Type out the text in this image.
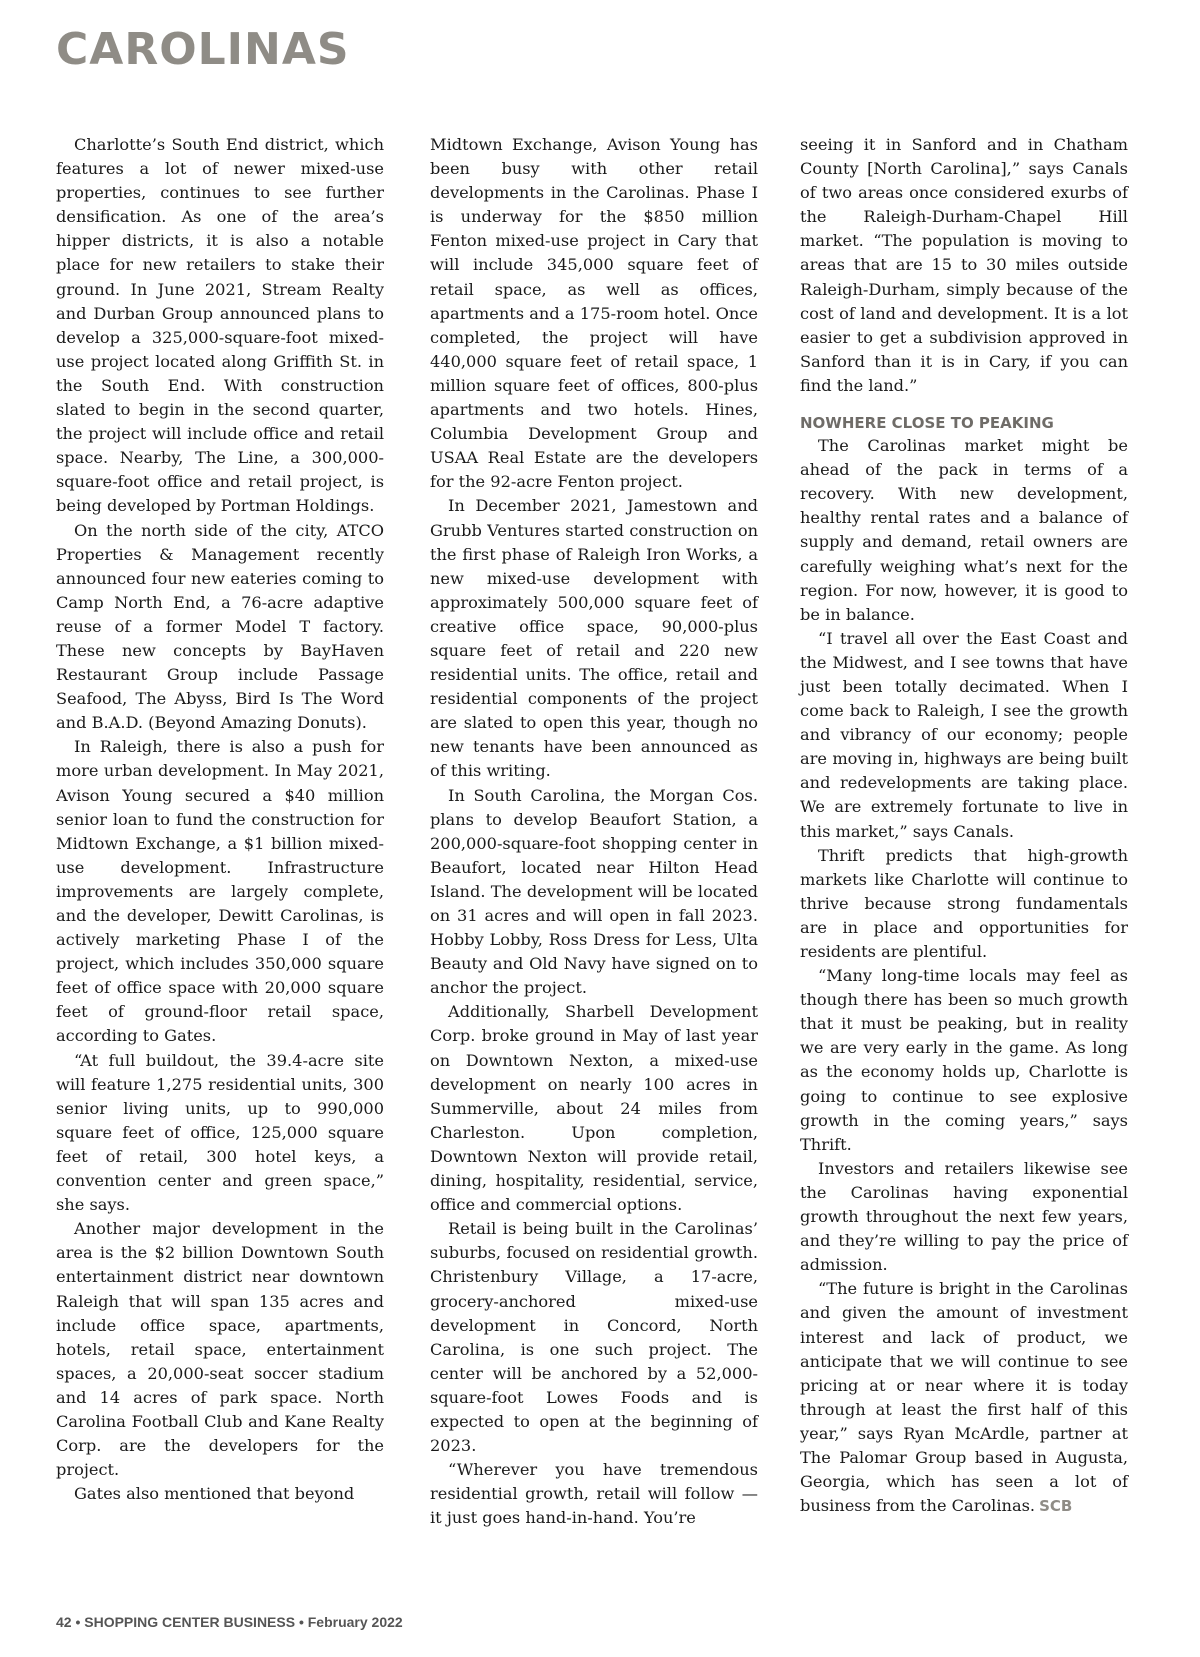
CAROLINAS

Charlotte’s South End district, which features a lot of newer mixed-use properties, continues to see further densification. As one of the area’s hipper districts, it is also a notable place for new retailers to stake their ground. In June 2021, Stream Realty and Durban Group announced plans to develop a 325,000-square-foot mixed-use project located along Griffith St. in the South End. With construction slated to begin in the second quarter, the project will include office and retail space. Nearby, The Line, a 300,000-square-foot office and retail project, is being developed by Portman Holdings.

On the north side of the city, ATCO Properties & Management recently announced four new eateries coming to Camp North End, a 76-acre adaptive reuse of a former Model T factory. These new concepts by BayHaven Restaurant Group include Passage Seafood, The Abyss, Bird Is The Word and B.A.D. (Beyond Amazing Donuts).

In Raleigh, there is also a push for more urban development. In May 2021, Avison Young secured a $40 million senior loan to fund the construction for Midtown Exchange, a $1 billion mixed-use development. Infrastructure improvements are largely complete, and the developer, Dewitt Carolinas, is actively marketing Phase I of the project, which includes 350,000 square feet of office space with 20,000 square feet of ground-floor retail space, according to Gates.

“At full buildout, the 39.4-acre site will feature 1,275 residential units, 300 senior living units, up to 990,000 square feet of office, 125,000 square feet of retail, 300 hotel keys, a convention center and green space,” she says.

Another major development in the area is the $2 billion Downtown South entertainment district near downtown Raleigh that will span 135 acres and include office space, apartments, hotels, retail space, entertainment spaces, a 20,000-seat soccer stadium and 14 acres of park space. North Carolina Football Club and Kane Realty Corp. are the developers for the project.

Gates also mentioned that beyond

Midtown Exchange, Avison Young has been busy with other retail developments in the Carolinas. Phase I is underway for the $850 million Fenton mixed-use project in Cary that will include 345,000 square feet of retail space, as well as offices, apartments and a 175-room hotel. Once completed, the project will have 440,000 square feet of retail space, 1 million square feet of offices, 800-plus apartments and two hotels. Hines, Columbia Development Group and USAA Real Estate are the developers for the 92-acre Fenton project.

In December 2021, Jamestown and Grubb Ventures started construction on the first phase of Raleigh Iron Works, a new mixed-use development with approximately 500,000 square feet of creative office space, 90,000-plus square feet of retail and 220 new residential units. The office, retail and residential components of the project are slated to open this year, though no new tenants have been announced as of this writing.

In South Carolina, the Morgan Cos. plans to develop Beaufort Station, a 200,000-square-foot shopping center in Beaufort, located near Hilton Head Island. The development will be located on 31 acres and will open in fall 2023. Hobby Lobby, Ross Dress for Less, Ulta Beauty and Old Navy have signed on to anchor the project.

Additionally, Sharbell Development Corp. broke ground in May of last year on Downtown Nexton, a mixed-use development on nearly 100 acres in Summerville, about 24 miles from Charleston. Upon completion, Downtown Nexton will provide retail, dining, hospitality, residential, service, office and commercial options.

Retail is being built in the Carolinas’ suburbs, focused on residential growth. Christenbury Village, a 17-acre, grocery-anchored mixed-use development in Concord, North Carolina, is one such project. The center will be anchored by a 52,000-square-foot Lowes Foods and is expected to open at the beginning of 2023.

“Wherever you have tremendous residential growth, retail will follow — it just goes hand-in-hand. You’re

seeing it in Sanford and in Chatham County [North Carolina],” says Canals of two areas once considered exurbs of the Raleigh-Durham-Chapel Hill market. “The population is moving to areas that are 15 to 30 miles outside Raleigh-Durham, simply because of the cost of land and development. It is a lot easier to get a subdivision approved in Sanford than it is in Cary, if you can find the land.”

NOWHERE CLOSE TO PEAKING

The Carolinas market might be ahead of the pack in terms of a recovery. With new development, healthy rental rates and a balance of supply and demand, retail owners are carefully weighing what’s next for the region. For now, however, it is good to be in balance.

“I travel all over the East Coast and the Midwest, and I see towns that have just been totally decimated. When I come back to Raleigh, I see the growth and vibrancy of our economy; people are moving in, highways are being built and redevelopments are taking place. We are extremely fortunate to live in this market,” says Canals.

Thrift predicts that high-growth markets like Charlotte will continue to thrive because strong fundamentals are in place and opportunities for residents are plentiful.

“Many long-time locals may feel as though there has been so much growth that it must be peaking, but in reality we are very early in the game. As long as the economy holds up, Charlotte is going to continue to see explosive growth in the coming years,” says Thrift.

Investors and retailers likewise see the Carolinas having exponential growth throughout the next few years, and they’re willing to pay the price of admission.

“The future is bright in the Carolinas and given the amount of investment interest and lack of product, we anticipate that we will continue to see pricing at or near where it is today through at least the first half of this year,” says Ryan McArdle, partner at The Palomar Group based in Augusta, Georgia, which has seen a lot of business from the Carolinas. SCB

42 • SHOPPING CENTER BUSINESS • February 2022
